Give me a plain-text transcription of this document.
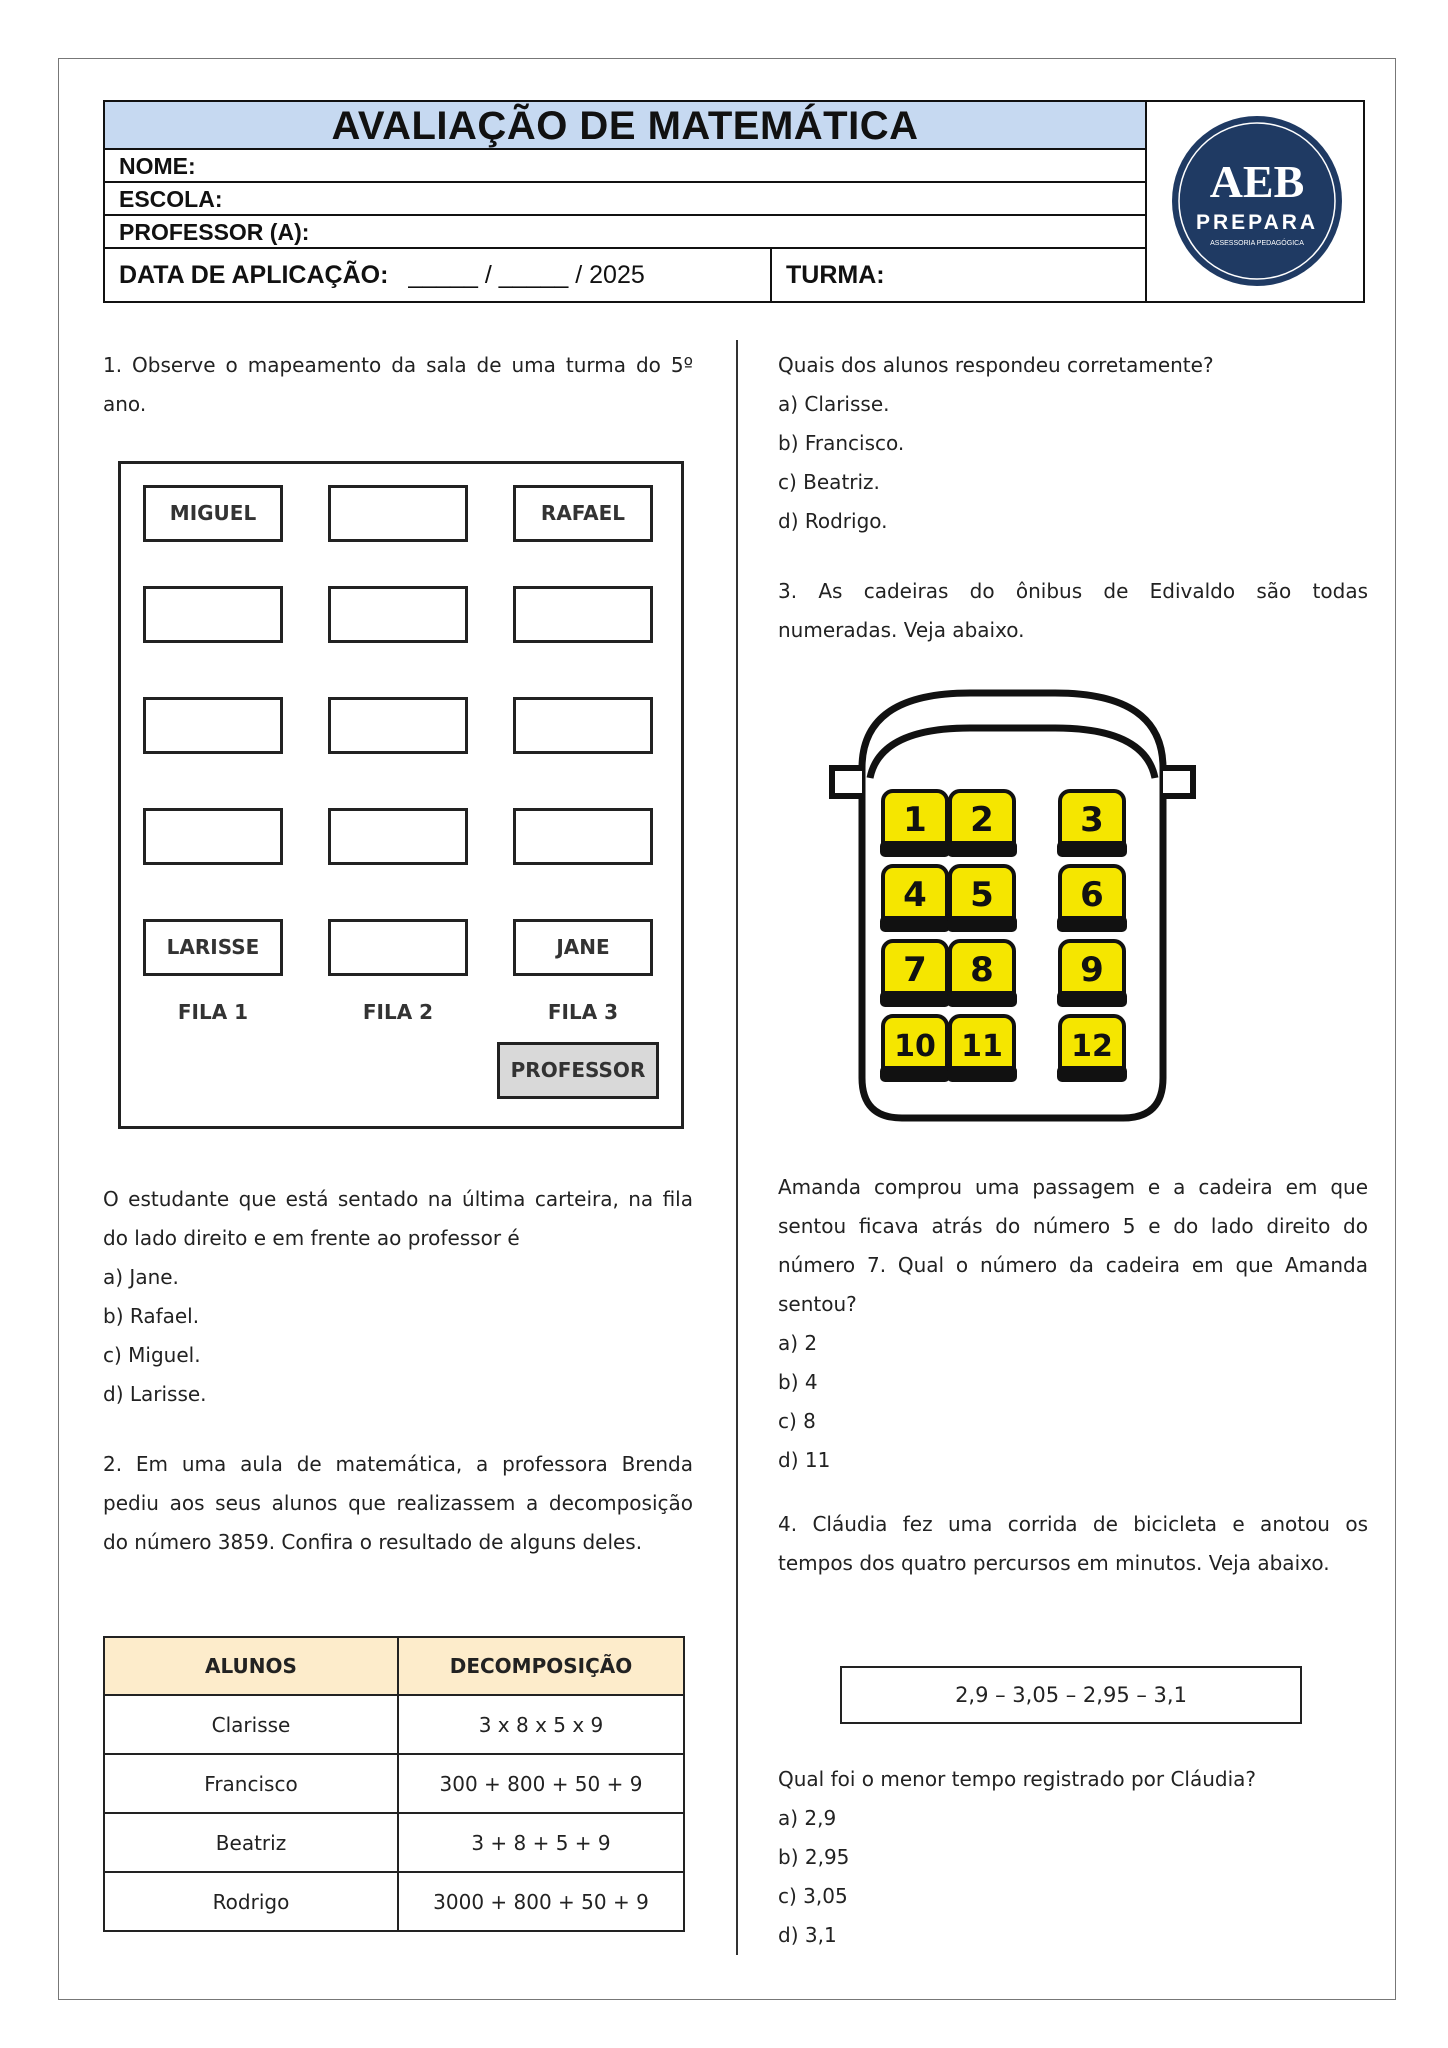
AVALIAÇÃO DE MATEMÁTICA
NOME:
ESCOLA:
PROFESSOR (A):
DATA DE APLICAÇÃO: _____ / _____ / 2025	TURMA:
AEB
PREPARA
ASSESSORIA PEDAGÓGICA
1. Observe o mapeamento da sala de uma turma do 5º ano.
MIGUEL	RAFAEL
LARISSE	JANE
FILA 1	FILA 2	FILA 3
PROFESSOR
O estudante que está sentado na última carteira, na fila do lado direito e em frente ao professor é
a) Jane.
b) Rafael.
c) Miguel.
d) Larisse.
2. Em uma aula de matemática, a professora Brenda pediu aos seus alunos que realizassem a decomposição do número 3859. Confira o resultado de alguns deles.
ALUNOS	DECOMPOSIÇÃO
Clarisse	3 x 8 x 5 x 9
Francisco	300 + 800 + 50 + 9
Beatriz	3 + 8 + 5 + 9
Rodrigo	3000 + 800 + 50 + 9
Quais dos alunos respondeu corretamente?
a) Clarisse.
b) Francisco.
c) Beatriz.
d) Rodrigo.
3. As cadeiras do ônibus de Edivaldo são todas numeradas. Veja abaixo.
1 2	3
4 5	6
7 8	9
10 11 12
Amanda comprou uma passagem e a cadeira em que sentou ficava atrás do número 5 e do lado direito do número 7. Qual o número da cadeira em que Amanda sentou?
a) 2
b) 4
c) 8
d) 11
4. Cláudia fez uma corrida de bicicleta e anotou os tempos dos quatro percursos em minutos. Veja abaixo.
2,9 – 3,05 – 2,95 – 3,1
Qual foi o menor tempo registrado por Cláudia?
a) 2,9
b) 2,95
c) 3,05
d) 3,1
